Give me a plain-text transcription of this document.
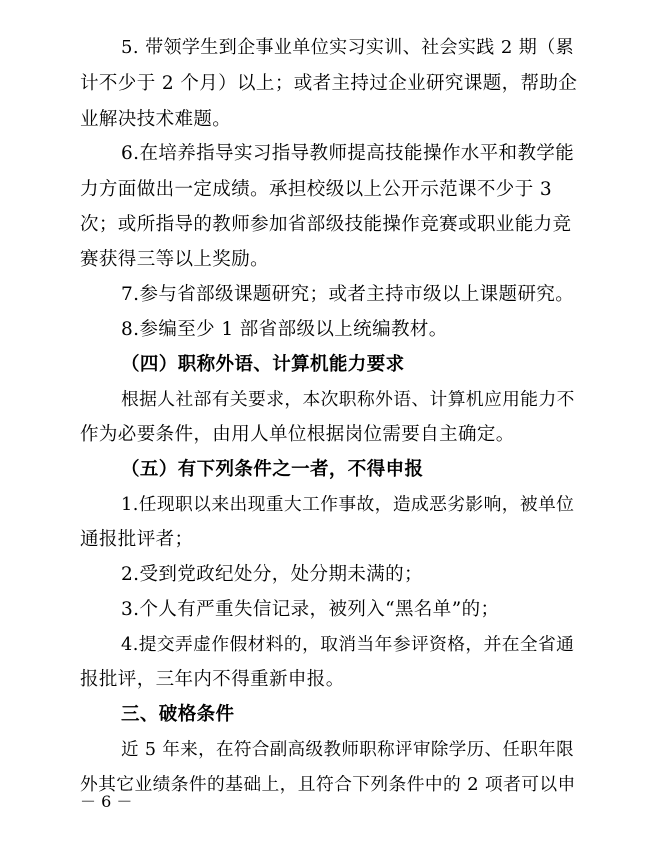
5. 带领学生到企事业单位实习实训、社会实践 2 期（累
计不少于 2 个月）以上；或者主持过企业研究课题，帮助企
业解决技术难题。
6.在培养指导实习指导教师提高技能操作水平和教学能
力方面做出一定成绩。承担校级以上公开示范课不少于 3
次；或所指导的教师参加省部级技能操作竞赛或职业能力竞
赛获得三等以上奖励。
7.参与省部级课题研究；或者主持市级以上课题研究。
8.参编至少 1 部省部级以上统编教材。
（四）职称外语、计算机能力要求
根据人社部有关要求，本次职称外语、计算机应用能力不
作为必要条件，由用人单位根据岗位需要自主确定。
（五）有下列条件之一者，不得申报
1.任现职以来出现重大工作事故，造成恶劣影响，被单位
通报批评者；
2.受到党政纪处分，处分期未满的；
3.个人有严重失信记录，被列入“黑名单”的；
4.提交弄虚作假材料的，取消当年参评资格，并在全省通
报批评，三年内不得重新申报。
三、破格条件
近 5 年来，在符合副高级教师职称评审除学历、任职年限
外其它业绩条件的基础上，且符合下列条件中的 2 项者可以申
－ 6 －
